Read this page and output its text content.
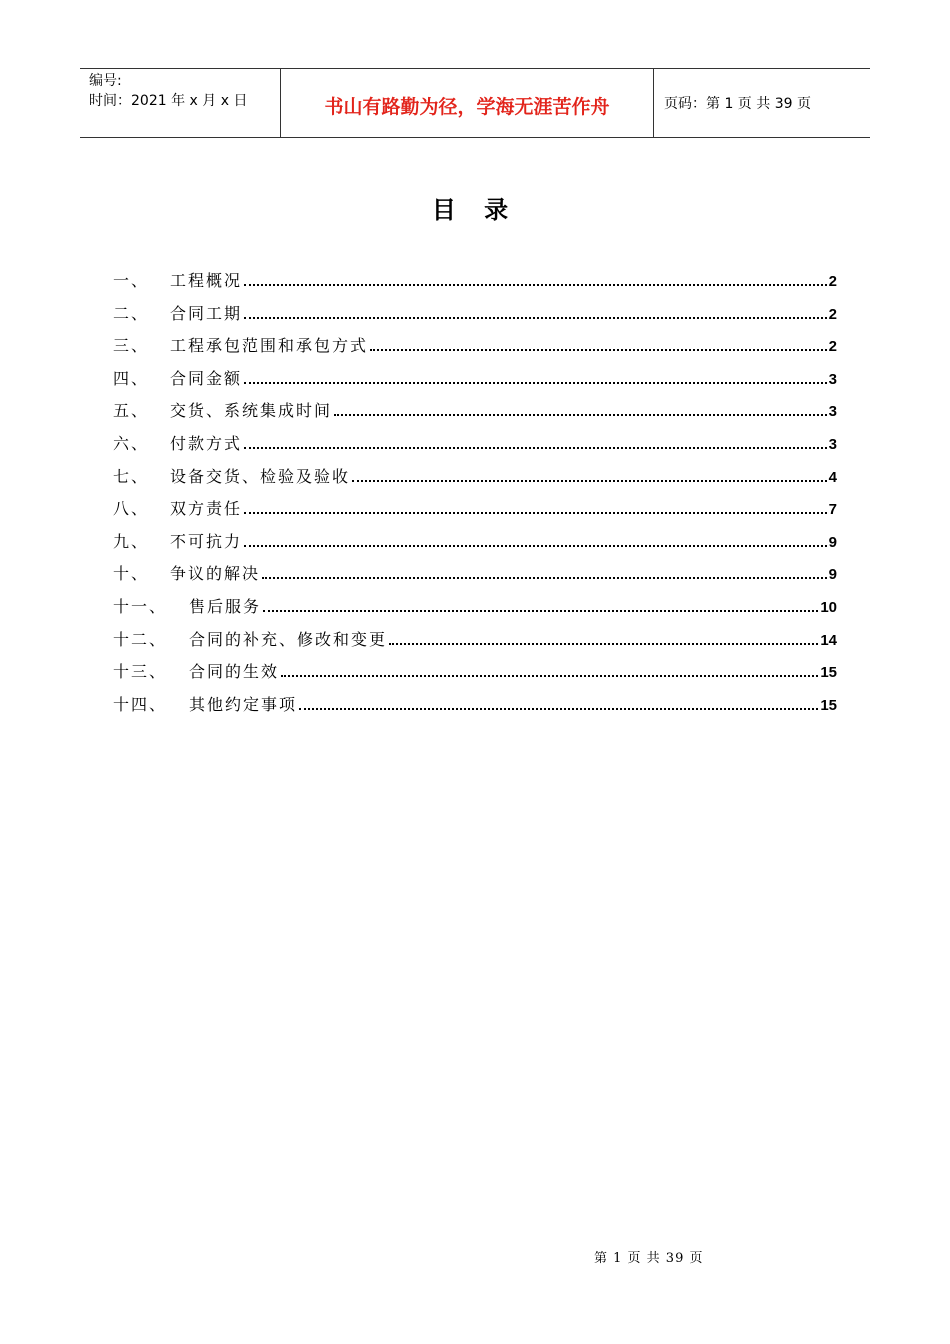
编号:
时间：2021 年 x 月 x 日	书山有路勤为径，学海无涯苦作舟	页码：第 1 页 共 39 页
目 录
一、	工程概况	2
二、	合同工期	2
三、	工程承包范围和承包方式	2
四、	合同金额	3
五、	交货、系统集成时间	3
六、	付款方式	3
七、	设备交货、检验及验收	4
八、	双方责任	7
九、	不可抗力	9
十、	争议的解决	9
十一、	售后服务	10
十二、	合同的补充、修改和变更	14
十三、	合同的生效	15
十四、	其他约定事项	15
第 1 页 共 39 页
